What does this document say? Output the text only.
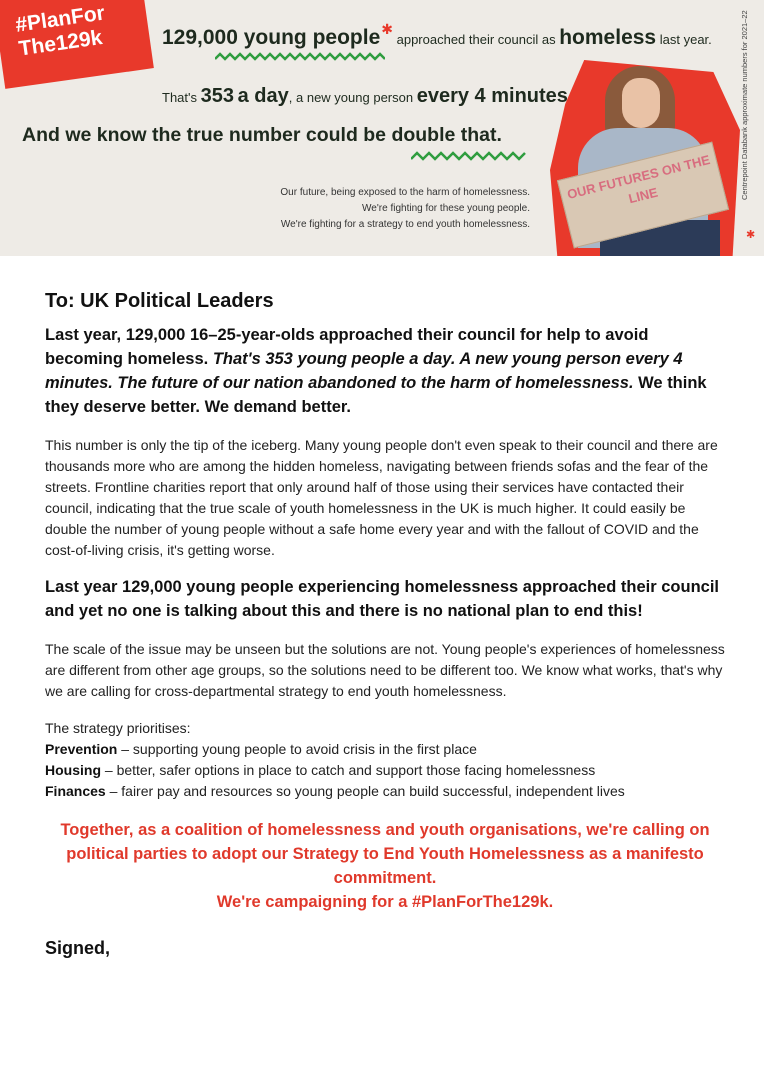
#PlanFor The129k	129,000 young people✱ approached their council as homeless last year.
That's 353 a day, a new young person every 4 minutes
And we know the true number could be double that.
Our future, being exposed to the harm of homelessness.
We're fighting for these young people.
We're fighting for a strategy to end youth homelessness.
OUR FUTURES ON THE LINE	Centrepoint Databank approximate numbers for 2021–22
✱
To: UK Political Leaders

Last year, 129,000 16–25-year-olds approached their council for help to avoid becoming homeless. That's 353 young people a day. A new young person every 4 minutes. The future of our nation abandoned to the harm of homelessness. We think they deserve better. We demand better.

This number is only the tip of the iceberg. Many young people don't even speak to their council and there are thousands more who are among the hidden homeless, navigating between friends sofas and the fear of the streets. Frontline charities report that only around half of those using their services have contacted their council, indicating that the true scale of youth homelessness in the UK is much higher. It could easily be double the number of young people without a safe home every year and with the fallout of COVID and the cost-of-living crisis, it's getting worse.

Last year 129,000 young people experiencing homelessness approached their council and yet no one is talking about this and there is no national plan to end this!

The scale of the issue may be unseen but the solutions are not. Young people's experiences of homelessness are different from other age groups, so the solutions need to be different too. We know what works, that's why we are calling for cross-departmental strategy to end youth homelessness.

The strategy prioritises:
Prevention – supporting young people to avoid crisis in the first place
Housing – better, safer options in place to catch and support those facing homelessness
Finances – fairer pay and resources so young people can build successful, independent lives
Together, as a coalition of homelessness and youth organisations, we're calling on political parties to adopt our Strategy to End Youth Homelessness as a manifesto commitment.
We're campaigning for a #PlanForThe129k.
Signed,
